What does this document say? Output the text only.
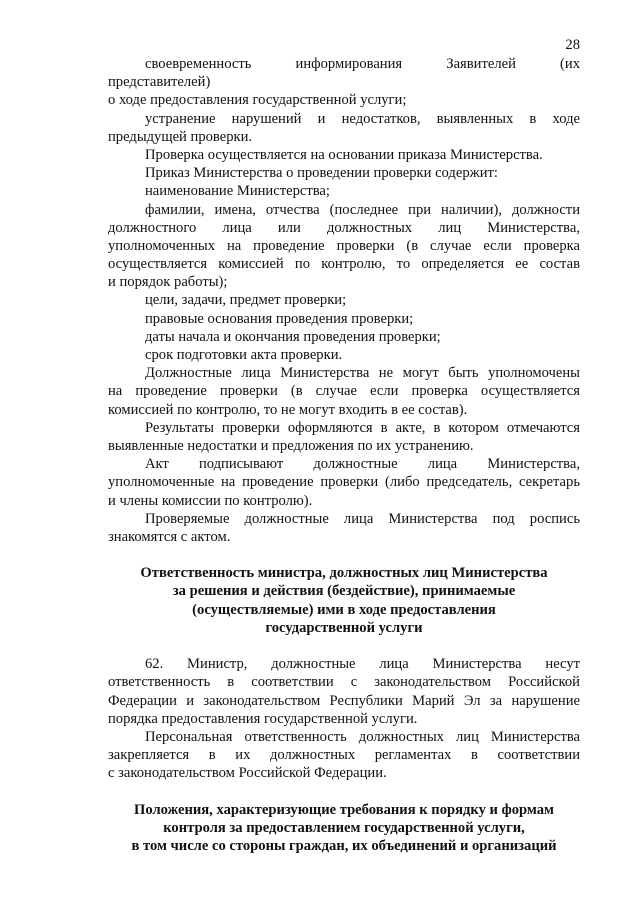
28
своевременность информирования Заявителей (их
представителей)
о ходе предоставления государственной услуги;
устранение нарушений и недостатков, выявленных в ходе
предыдущей проверки.
Проверка осуществляется на основании приказа Министерства.
Приказ Министерства о проведении проверки содержит:
наименование Министерства;
фамилии, имена, отчества (последнее при наличии), должности
должностного лица или должностных лиц Министерства,
уполномоченных на проведение проверки (в случае если проверка
осуществляется комиссией по контролю, то определяется ее состав
и порядок работы);
цели, задачи, предмет проверки;
правовые основания проведения проверки;
даты начала и окончания проведения проверки;
срок подготовки акта проверки.
Должностные лица Министерства не могут быть уполномочены
на проведение проверки (в случае если проверка осуществляется
комиссией по контролю, то не могут входить в ее состав).
Результаты проверки оформляются в акте, в котором отмечаются
выявленные недостатки и предложения по их устранению.
Акт подписывают должностные лица Министерства,
уполномоченные на проведение проверки (либо председатель, секретарь
и члены комиссии по контролю).
Проверяемые должностные лица Министерства под роспись
знакомятся с актом.
Ответственность министра, должностных лиц Министерства
за решения и действия (бездействие), принимаемые
(осуществляемые) ими в ходе предоставления
государственной услуги
62. Министр, должностные лица Министерства несут
ответственность в соответствии с законодательством Российской
Федерации и законодательством Республики Марий Эл за нарушение
порядка предоставления государственной услуги.
Персональная ответственность должностных лиц Министерства
закрепляется в их должностных регламентах в соответствии
с законодательством Российской Федерации.
Положения, характеризующие требования к порядку и формам
контроля за предоставлением государственной услуги,
в том числе со стороны граждан, их объединений и организаций
